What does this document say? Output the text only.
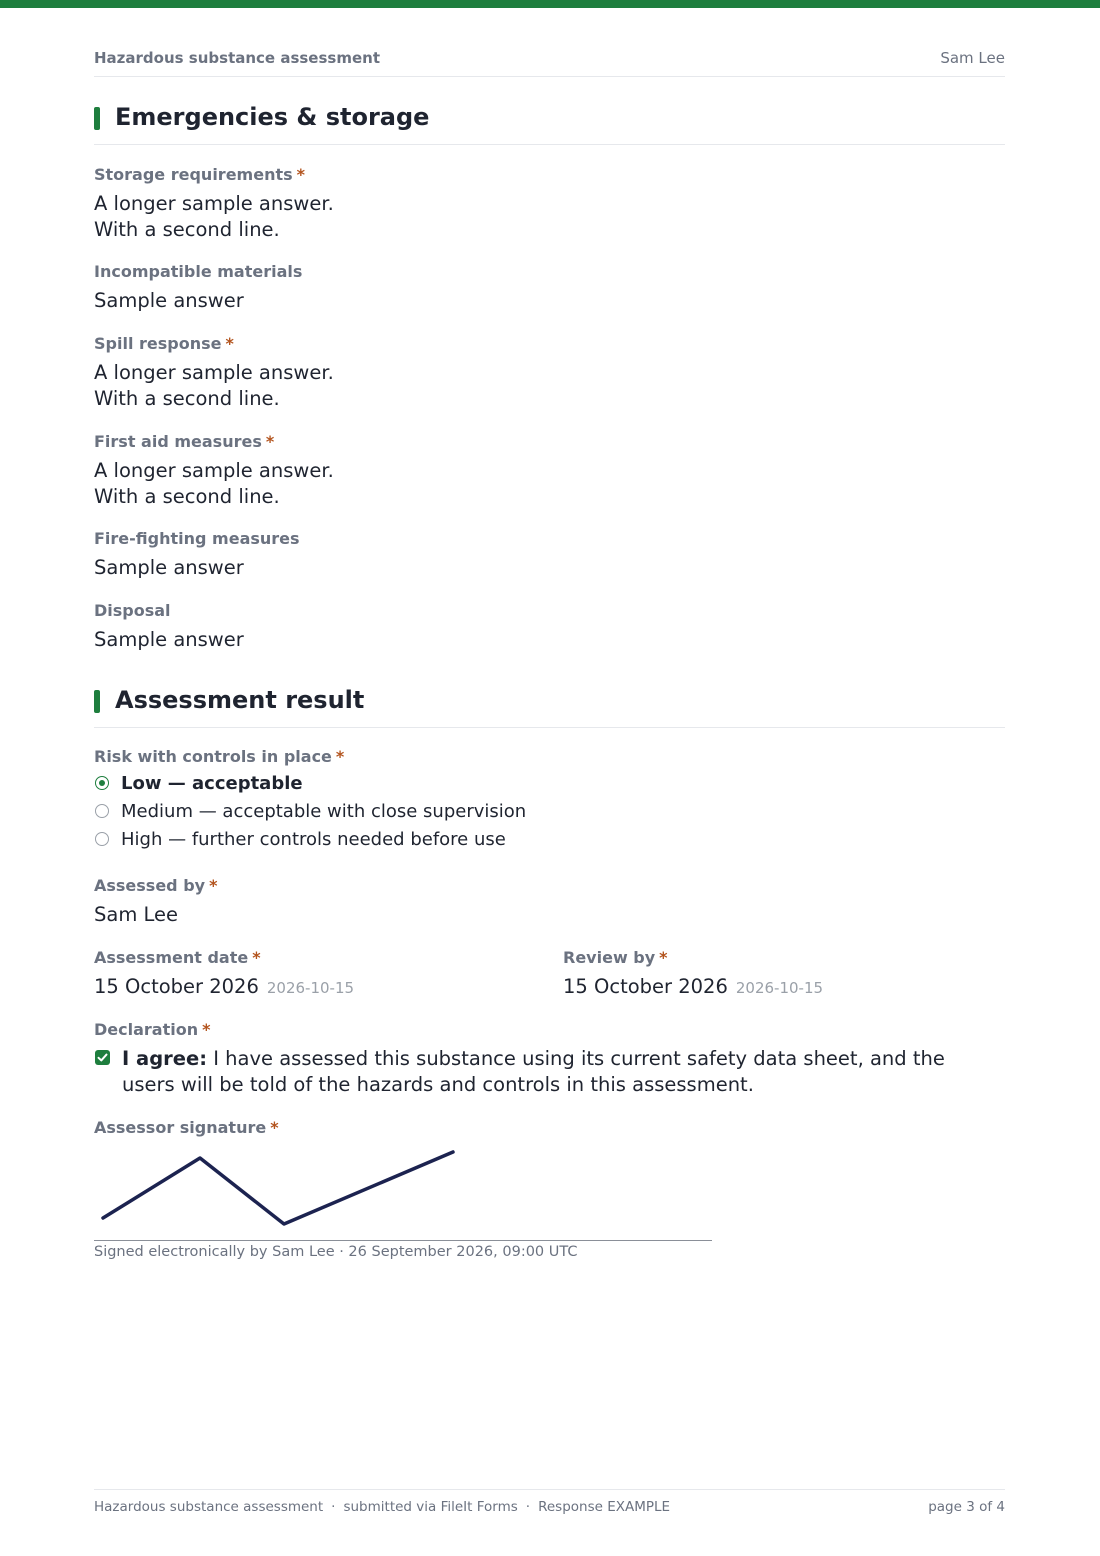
Hazardous substance assessment	Sam Lee
Emergencies & storage
Storage requirements *
A longer sample answer.
With a second line.
Incompatible materials
Sample answer
Spill response *
A longer sample answer.
With a second line.
First aid measures *
A longer sample answer.
With a second line.
Fire-fighting measures
Sample answer
Disposal
Sample answer
Assessment result
Risk with controls in place *
Low — acceptable
Medium — acceptable with close supervision
High — further controls needed before use
Assessed by *
Sam Lee
Assessment date *
15 October 2026 2026-10-15
Review by *
15 October 2026 2026-10-15
Declaration *
I agree: I have assessed this substance using its current safety data sheet, and the users will be told of the hazards and controls in this assessment.
Assessor signature *
Signed electronically by Sam Lee · 26 September 2026, 09:00 UTC
Hazardous substance assessment · submitted via FileIt Forms · Response EXAMPLE	page 3 of 4
